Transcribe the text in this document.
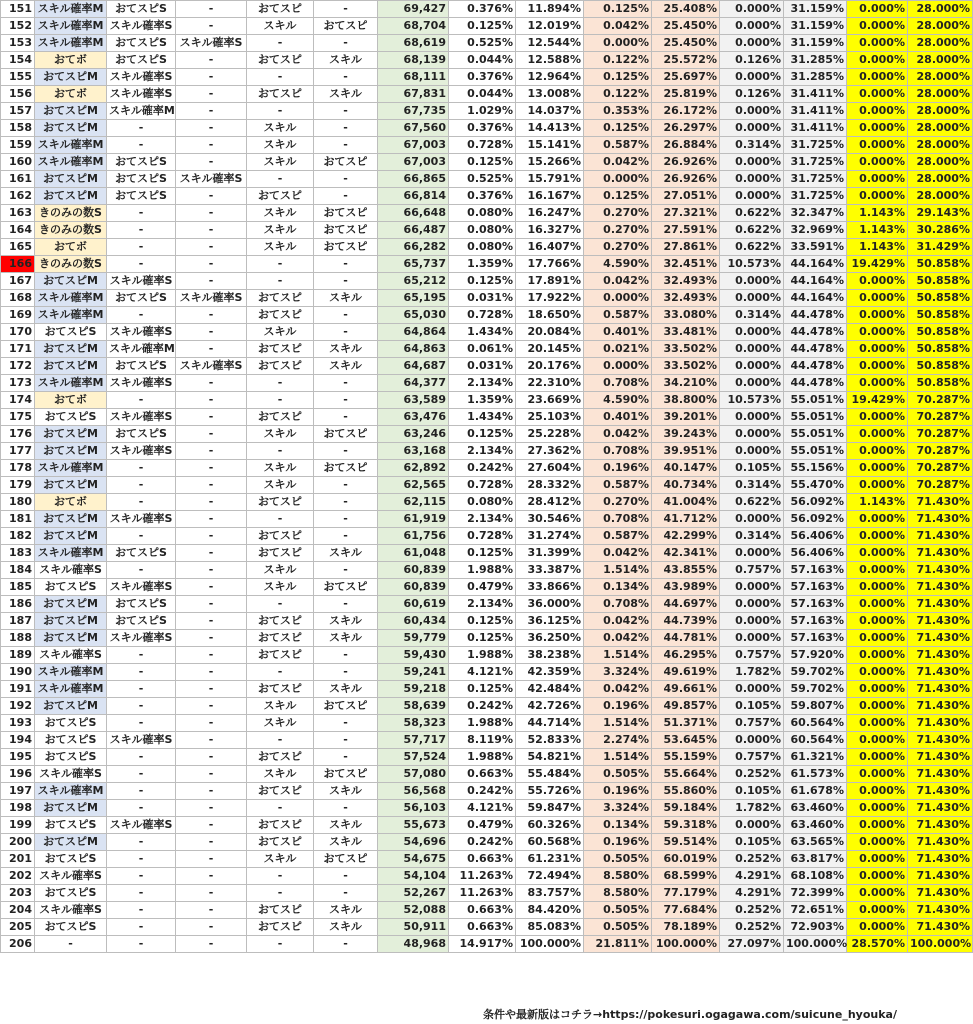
151	スキル確率M	おてスピS	-	おてスピ	-	69,427	0.376%	11.894%	0.125%	25.408%	0.000%	31.159%	0.000%	28.000%
152	スキル確率M	スキル確率S	-	スキル	おてスピ	68,704	0.125%	12.019%	0.042%	25.450%	0.000%	31.159%	0.000%	28.000%
153	スキル確率M	おてスピS	スキル確率S	-	-	68,619	0.525%	12.544%	0.000%	25.450%	0.000%	31.159%	0.000%	28.000%
154	おてボ	おてスピS	-	おてスピ	スキル	68,139	0.044%	12.588%	0.122%	25.572%	0.126%	31.285%	0.000%	28.000%
155	おてスピM	スキル確率S	-	-	-	68,111	0.376%	12.964%	0.125%	25.697%	0.000%	31.285%	0.000%	28.000%
156	おてボ	スキル確率S	-	おてスピ	スキル	67,831	0.044%	13.008%	0.122%	25.819%	0.126%	31.411%	0.000%	28.000%
157	おてスピM	スキル確率M	-	-	-	67,735	1.029%	14.037%	0.353%	26.172%	0.000%	31.411%	0.000%	28.000%
158	おてスピM	-	-	スキル	-	67,560	0.376%	14.413%	0.125%	26.297%	0.000%	31.411%	0.000%	28.000%
159	スキル確率M	-	-	スキル	-	67,003	0.728%	15.141%	0.587%	26.884%	0.314%	31.725%	0.000%	28.000%
160	スキル確率M	おてスピS	-	スキル	おてスピ	67,003	0.125%	15.266%	0.042%	26.926%	0.000%	31.725%	0.000%	28.000%
161	おてスピM	おてスピS	スキル確率S	-	-	66,865	0.525%	15.791%	0.000%	26.926%	0.000%	31.725%	0.000%	28.000%
162	おてスピM	おてスピS	-	おてスピ	-	66,814	0.376%	16.167%	0.125%	27.051%	0.000%	31.725%	0.000%	28.000%
163	きのみの数S	-	-	スキル	おてスピ	66,648	0.080%	16.247%	0.270%	27.321%	0.622%	32.347%	1.143%	29.143%
164	きのみの数S	-	-	スキル	おてスピ	66,487	0.080%	16.327%	0.270%	27.591%	0.622%	32.969%	1.143%	30.286%
165	おてボ	-	-	スキル	おてスピ	66,282	0.080%	16.407%	0.270%	27.861%	0.622%	33.591%	1.143%	31.429%
166	きのみの数S	-	-	-	-	65,737	1.359%	17.766%	4.590%	32.451%	10.573%	44.164%	19.429%	50.858%
167	おてスピM	スキル確率S	-	-	-	65,212	0.125%	17.891%	0.042%	32.493%	0.000%	44.164%	0.000%	50.858%
168	スキル確率M	おてスピS	スキル確率S	おてスピ	スキル	65,195	0.031%	17.922%	0.000%	32.493%	0.000%	44.164%	0.000%	50.858%
169	スキル確率M	-	-	おてスピ	-	65,030	0.728%	18.650%	0.587%	33.080%	0.314%	44.478%	0.000%	50.858%
170	おてスピS	スキル確率S	-	スキル	-	64,864	1.434%	20.084%	0.401%	33.481%	0.000%	44.478%	0.000%	50.858%
171	おてスピM	スキル確率M	-	おてスピ	スキル	64,863	0.061%	20.145%	0.021%	33.502%	0.000%	44.478%	0.000%	50.858%
172	おてスピM	おてスピS	スキル確率S	おてスピ	スキル	64,687	0.031%	20.176%	0.000%	33.502%	0.000%	44.478%	0.000%	50.858%
173	スキル確率M	スキル確率S	-	-	-	64,377	2.134%	22.310%	0.708%	34.210%	0.000%	44.478%	0.000%	50.858%
174	おてボ	-	-	-	-	63,589	1.359%	23.669%	4.590%	38.800%	10.573%	55.051%	19.429%	70.287%
175	おてスピS	スキル確率S	-	おてスピ	-	63,476	1.434%	25.103%	0.401%	39.201%	0.000%	55.051%	0.000%	70.287%
176	おてスピM	おてスピS	-	スキル	おてスピ	63,246	0.125%	25.228%	0.042%	39.243%	0.000%	55.051%	0.000%	70.287%
177	おてスピM	スキル確率S	-	-	-	63,168	2.134%	27.362%	0.708%	39.951%	0.000%	55.051%	0.000%	70.287%
178	スキル確率M	-	-	スキル	おてスピ	62,892	0.242%	27.604%	0.196%	40.147%	0.105%	55.156%	0.000%	70.287%
179	おてスピM	-	-	スキル	-	62,565	0.728%	28.332%	0.587%	40.734%	0.314%	55.470%	0.000%	70.287%
180	おてボ	-	-	おてスピ	-	62,115	0.080%	28.412%	0.270%	41.004%	0.622%	56.092%	1.143%	71.430%
181	おてスピM	スキル確率S	-	-	-	61,919	2.134%	30.546%	0.708%	41.712%	0.000%	56.092%	0.000%	71.430%
182	おてスピM	-	-	おてスピ	-	61,756	0.728%	31.274%	0.587%	42.299%	0.314%	56.406%	0.000%	71.430%
183	スキル確率M	おてスピS	-	おてスピ	スキル	61,048	0.125%	31.399%	0.042%	42.341%	0.000%	56.406%	0.000%	71.430%
184	スキル確率S	-	-	スキル	-	60,839	1.988%	33.387%	1.514%	43.855%	0.757%	57.163%	0.000%	71.430%
185	おてスピS	スキル確率S	-	スキル	おてスピ	60,839	0.479%	33.866%	0.134%	43.989%	0.000%	57.163%	0.000%	71.430%
186	おてスピM	おてスピS	-	-	-	60,619	2.134%	36.000%	0.708%	44.697%	0.000%	57.163%	0.000%	71.430%
187	おてスピM	おてスピS	-	おてスピ	スキル	60,434	0.125%	36.125%	0.042%	44.739%	0.000%	57.163%	0.000%	71.430%
188	おてスピM	スキル確率S	-	おてスピ	スキル	59,779	0.125%	36.250%	0.042%	44.781%	0.000%	57.163%	0.000%	71.430%
189	スキル確率S	-	-	おてスピ	-	59,430	1.988%	38.238%	1.514%	46.295%	0.757%	57.920%	0.000%	71.430%
190	スキル確率M	-	-	-	-	59,241	4.121%	42.359%	3.324%	49.619%	1.782%	59.702%	0.000%	71.430%
191	スキル確率M	-	-	おてスピ	スキル	59,218	0.125%	42.484%	0.042%	49.661%	0.000%	59.702%	0.000%	71.430%
192	おてスピM	-	-	スキル	おてスピ	58,639	0.242%	42.726%	0.196%	49.857%	0.105%	59.807%	0.000%	71.430%
193	おてスピS	-	-	スキル	-	58,323	1.988%	44.714%	1.514%	51.371%	0.757%	60.564%	0.000%	71.430%
194	おてスピS	スキル確率S	-	-	-	57,717	8.119%	52.833%	2.274%	53.645%	0.000%	60.564%	0.000%	71.430%
195	おてスピS	-	-	おてスピ	-	57,524	1.988%	54.821%	1.514%	55.159%	0.757%	61.321%	0.000%	71.430%
196	スキル確率S	-	-	スキル	おてスピ	57,080	0.663%	55.484%	0.505%	55.664%	0.252%	61.573%	0.000%	71.430%
197	スキル確率M	-	-	おてスピ	スキル	56,568	0.242%	55.726%	0.196%	55.860%	0.105%	61.678%	0.000%	71.430%
198	おてスピM	-	-	-	-	56,103	4.121%	59.847%	3.324%	59.184%	1.782%	63.460%	0.000%	71.430%
199	おてスピS	スキル確率S	-	おてスピ	スキル	55,673	0.479%	60.326%	0.134%	59.318%	0.000%	63.460%	0.000%	71.430%
200	おてスピM	-	-	おてスピ	スキル	54,696	0.242%	60.568%	0.196%	59.514%	0.105%	63.565%	0.000%	71.430%
201	おてスピS	-	-	スキル	おてスピ	54,675	0.663%	61.231%	0.505%	60.019%	0.252%	63.817%	0.000%	71.430%
202	スキル確率S	-	-	-	-	54,104	11.263%	72.494%	8.580%	68.599%	4.291%	68.108%	0.000%	71.430%
203	おてスピS	-	-	-	-	52,267	11.263%	83.757%	8.580%	77.179%	4.291%	72.399%	0.000%	71.430%
204	スキル確率S	-	-	おてスピ	スキル	52,088	0.663%	84.420%	0.505%	77.684%	0.252%	72.651%	0.000%	71.430%
205	おてスピS	-	-	おてスピ	スキル	50,911	0.663%	85.083%	0.505%	78.189%	0.252%	72.903%	0.000%	71.430%
206	-	-	-	-	-	48,968	14.917%	100.000%	21.811%	100.000%	27.097%	100.000%	28.570%	100.000%
条件や最新版はコチラ→https://pokesuri.ogagawa.com/suicune_hyouka/
